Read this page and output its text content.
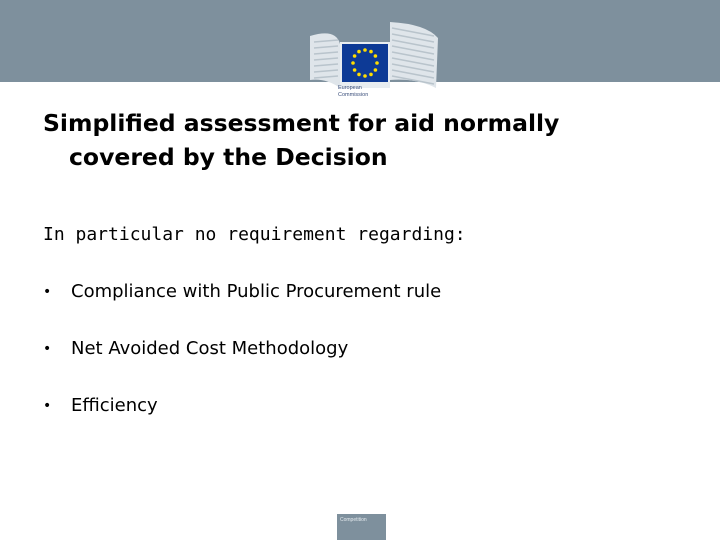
European
Commission
Simplified assessment for aid normally
covered by the Decision

In particular no requirement regarding:

•	Compliance with Public Procurement rule
•	Net Avoided Cost Methodology
•	Efficiency
Competition
